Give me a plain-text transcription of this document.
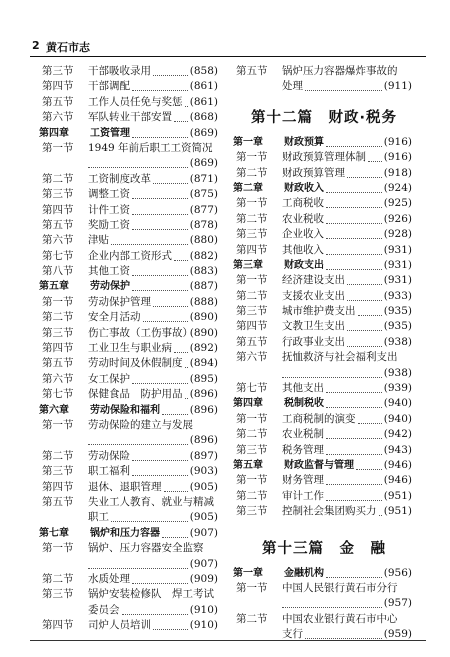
2 黄石市志
第三节 干部吸收录用	(858)
第四节 干部调配	(861)
第五节 工作人员任免与奖惩 (861)
第六节 军队转业干部安置 (868)
第四章 工资管理	(869)
第一节 1949 年前后职工工资简况
(869)
第二节 工资制度改革	(871)
第三节 调整工资	(875)
第四节 计件工资	(877)
第五节 奖励工资	(878)
第六节 津贴	(880)
第七节 企业内部工资形式 (882)
第八节 其他工资	(883)
第五章 劳动保护	(887)
第一节 劳动保护管理	(888)
第二节 安全月活动	(890)
第三节 伤亡事故（工伤事故）
(890)
第四节 工业卫生与职业病 (892)
第五节 劳动时间及休假制度 (894)
第六节 女工保护	(895)
第七节 保健食品　防护用品 (896)
第六章 劳动保险和福利	(896)
第一节 劳动保险的建立与发展
(896)
第二节 劳动保险	(897)
第三节 职工福利	(903)
第四节 退休、退职管理	(905)
第五节 失业工人教育、就业与精减
职工	(905)
第七章 锅炉和压力容器	(907)
第一节 锅炉、压力容器安全监察
(907)
第二节 水质处理	(909)
第三节 锅炉安装检修队　焊工考试
委员会	(910)
第四节 司炉人员培训	(910)
第五节 锅炉压力容器爆炸事故的
处理	(911)
第十二篇　财政·税务
第一章 财政预算	(916)
第一节 财政预算管理体制 (916)
第二节 财政预算管理	(918)
第二章 财政收入	(924)
第一节 工商税收	(925)
第二节 农业税收	(926)
第三节 企业收入	(928)
第四节 其他收入	(931)
第三章 财政支出	(931)
第一节 经济建设支出	(931)
第二节 支援农业支出	(933)
第三节 城市维护费支出	(935)
第四节 文教卫生支出	(935)
第五节 行政事业支出	(938)
第六节 抚恤救济与社会福利支出
(938)
第七节 其他支出	(939)
第四章 税制税收	(940)
第一节 工商税制的演变	(940)
第二节 农业税制	(942)
第三节 税务管理	(943)
第五章 财政监督与管理	(946)
第一节 财务管理	(946)
第二节 审计工作	(951)
第三节 控制社会集团购买力 (951)
第十三篇　金　融
第一章 金融机构	(956)
第一节 中国人民银行黄石市分行
(957)
第二节 中国农业银行黄石市中心
支行	(959)
